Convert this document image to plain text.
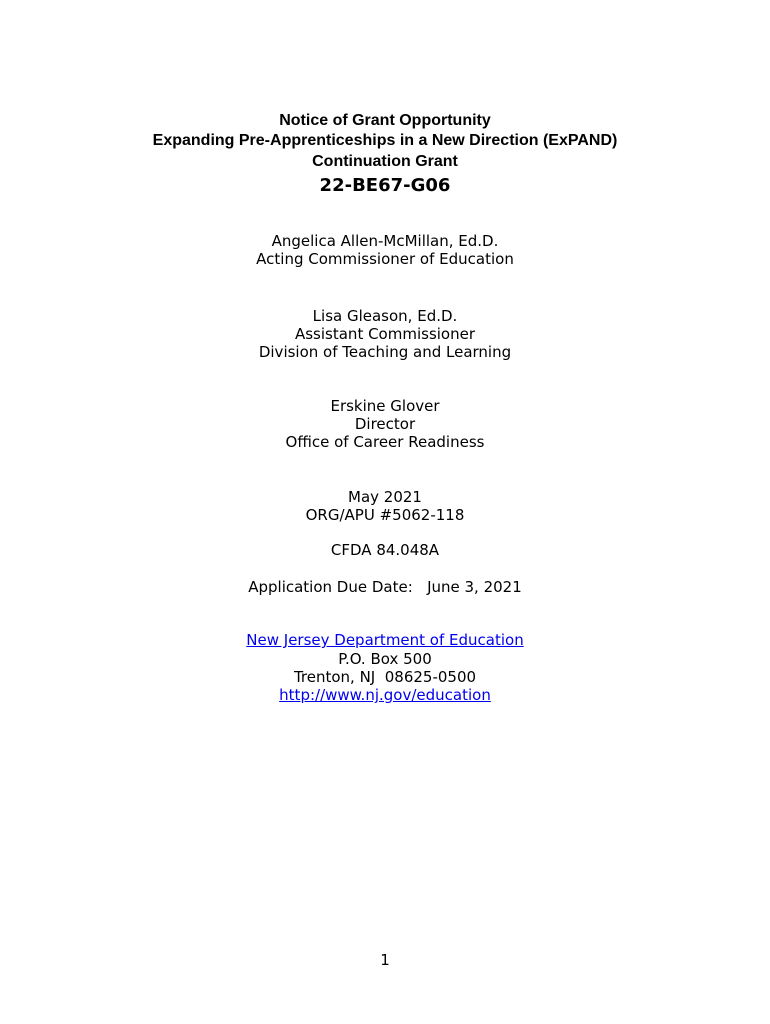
Notice of Grant Opportunity
Expanding Pre-Apprenticeships in a New Direction (ExPAND)
Continuation Grant
22-BE67-G06
Angelica Allen-McMillan, Ed.D.
Acting Commissioner of Education
Lisa Gleason, Ed.D.
Assistant Commissioner
Division of Teaching and Learning
Erskine Glover
Director
Office of Career Readiness
May 2021
ORG/APU #5062-118
CFDA 84.048A
Application Due Date: June 3, 2021
New Jersey Department of Education
P.O. Box 500
Trenton, NJ  08625-0500
http://www.nj.gov/education
1
